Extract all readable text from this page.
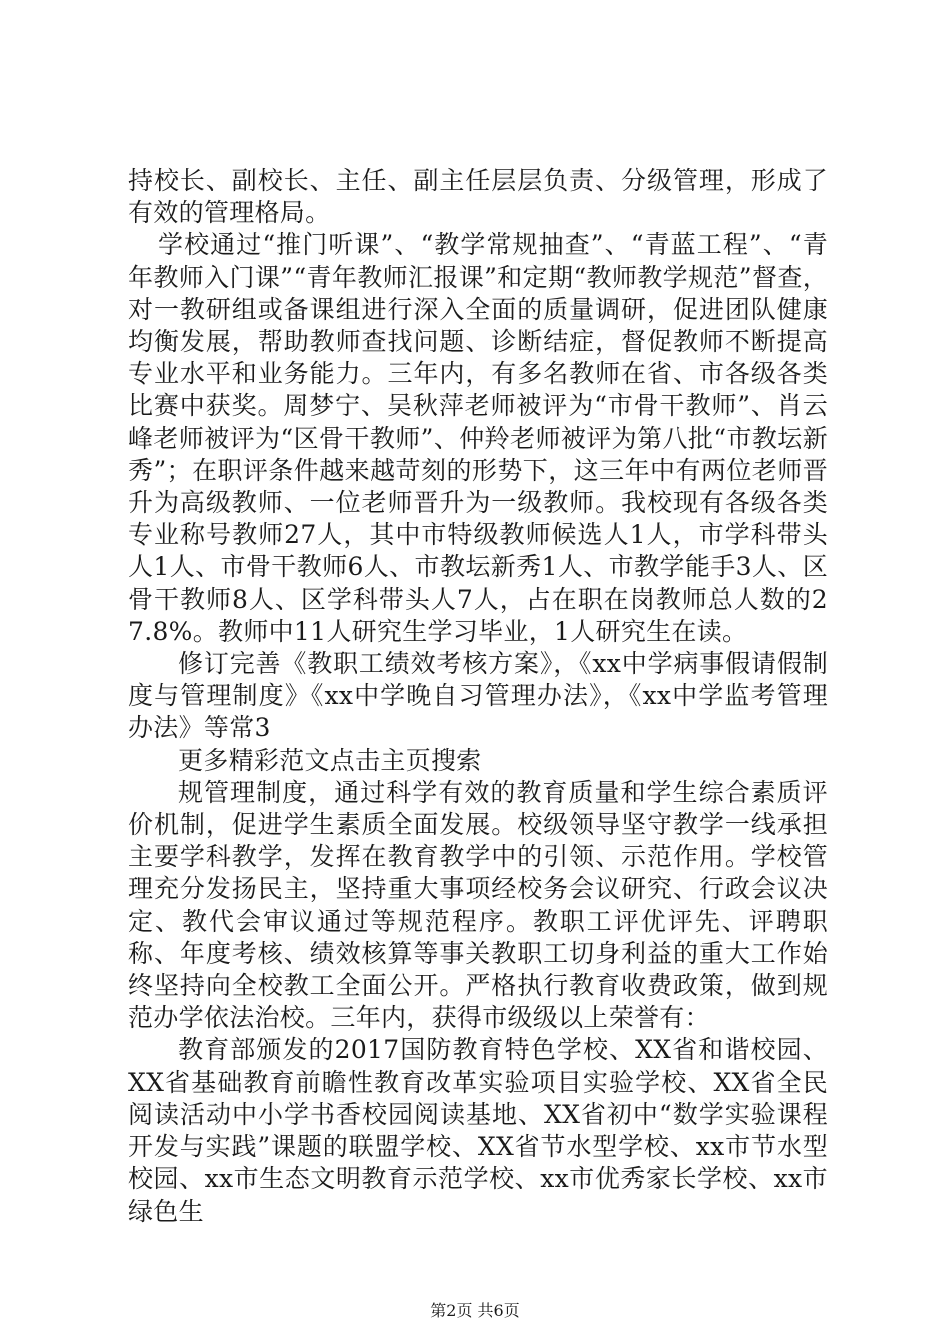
持校长、副校长、主任、副主任层层负责、分级管理，形成了有效的管理格局。

学校通过“推门听课”、“教学常规抽查”、“青蓝工程”、“青年教师入门课”“青年教师汇报课”和定期“教师教学规范”督查，对一教研组或备课组进行深入全面的质量调研，促进团队健康均衡发展，帮助教师查找问题、诊断结症，督促教师不断提高专业水平和业务能力。三年内，有多名教师在省、市各级各类比赛中获奖。周梦宁、吴秋萍老师被评为“市骨干教师”、肖云峰老师被评为“区骨干教师”、仲羚老师被评为第八批“市教坛新秀”；在职评条件越来越苛刻的形势下，这三年中有两位老师晋升为高级教师、一位老师晋升为一级教师。我校现有各级各类专业称号教师27人，其中市特级教师候选人1人，市学科带头人1人、市骨干教师6人、市教坛新秀1人、市教学能手3人、区骨干教师8人、区学科带头人7人，占在职在岗教师总人数的27.8%。教师中11人研究生学习毕业，1人研究生在读。

修订完善《教职工绩效考核方案》，《xx中学病事假请假制度与管理制度》《xx中学晚自习管理办法》，《xx中学监考管理办法》等常3

更多精彩范文点击主页搜索

规管理制度，通过科学有效的教育质量和学生综合素质评价机制，促进学生素质全面发展。校级领导坚守教学一线承担主要学科教学，发挥在教育教学中的引领、示范作用。学校管理充分发扬民主，坚持重大事项经校务会议研究、行政会议决定、教代会审议通过等规范程序。教职工评优评先、评聘职称、年度考核、绩效核算等事关教职工切身利益的重大工作始终坚持向全校教工全面公开。严格执行教育收费政策，做到规范办学依法治校。三年内，获得市级级以上荣誉有：

教育部颁发的2017国防教育特色学校、XX省和谐校园、XX省基础教育前瞻性教育改革实验项目实验学校、XX省全民阅读活动中小学书香校园阅读基地、XX省初中“数学实验课程开发与实践”课题的联盟学校、XX省节水型学校、xx市节水型校园、xx市生态文明教育示范学校、xx市优秀家长学校、xx市绿色生

第2页 共6页
